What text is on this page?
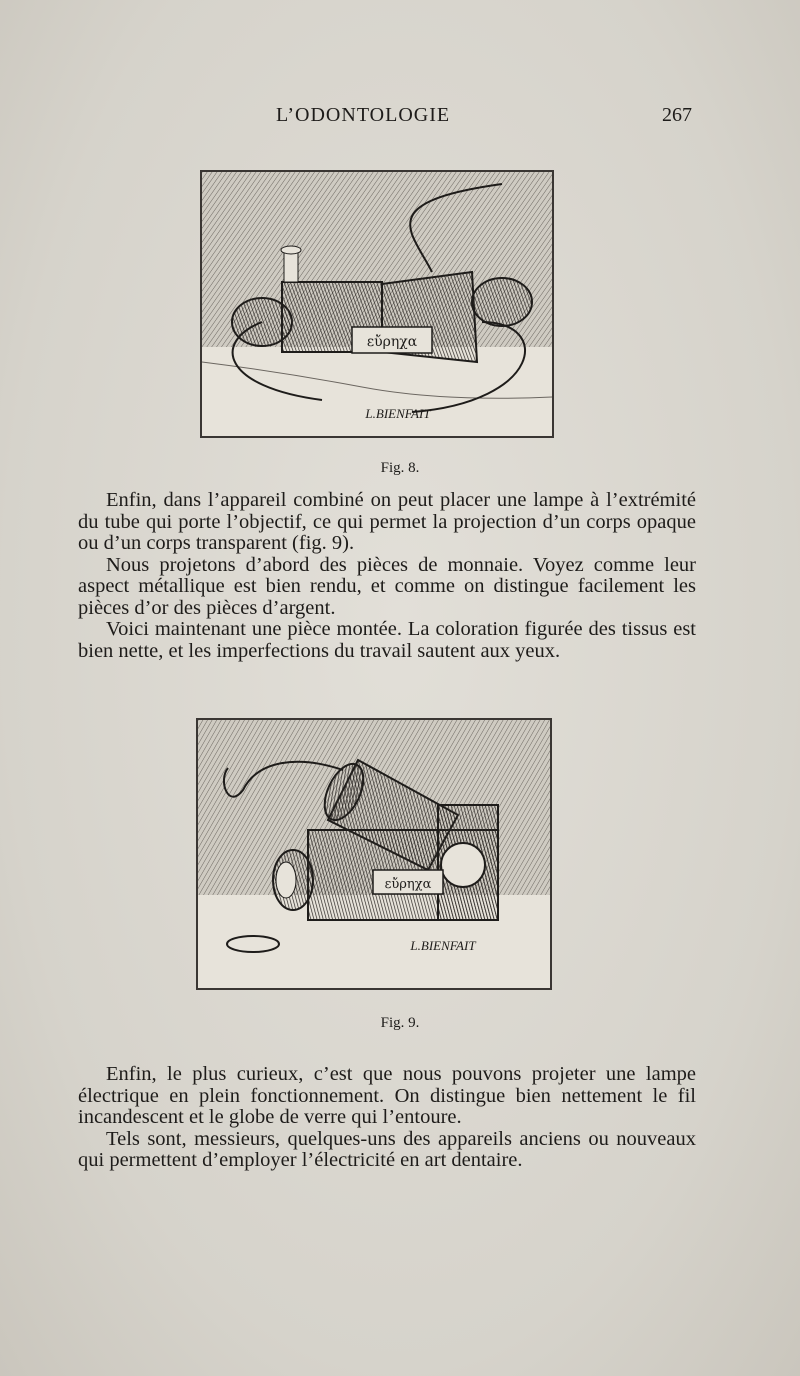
L’ODONTOLOGIE	267
εὔρηχα
L.BIENFAIT
Fig. 8.

Enfin, dans l’appareil combiné on peut placer une lampe à l’extrémité du tube qui porte l’objectif, ce qui permet la projection d’un corps opaque ou d’un corps transparent (fig. 9).

Nous projetons d’abord des pièces de monnaie. Voyez comme leur aspect métallique est bien rendu, et comme on distingue facilement les pièces d’or des pièces d’argent.

Voici maintenant une pièce montée. La coloration figurée des tissus est bien nette, et les imperfections du travail sautent aux yeux.

εὔρηχα
L.BIENFAIT
Fig. 9.

Enfin, le plus curieux, c’est que nous pouvons projeter une lampe électrique en plein fonctionnement. On distingue bien nettement le fil incandescent et le globe de verre qui l’entoure.

Tels sont, messieurs, quelques-uns des appareils anciens ou nouveaux qui permettent d’employer l’électricité en art dentaire.
